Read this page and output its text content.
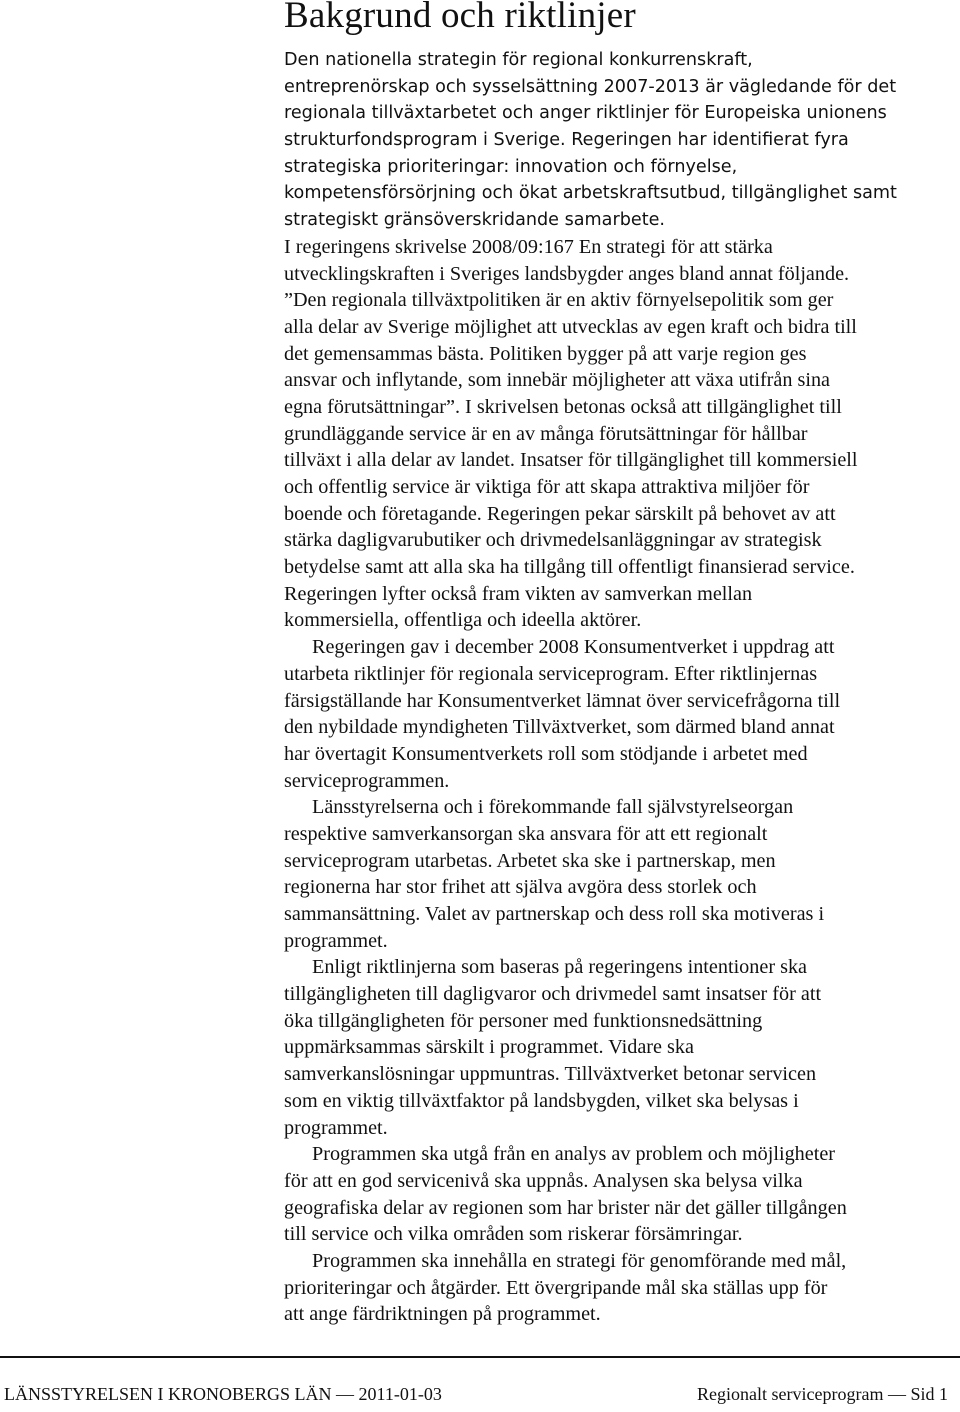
Bakgrund och riktlinjer
Den nationella strategin för regional konkurrenskraft,
entreprenörskap och sysselsättning 2007-2013 är vägledande för det
regionala tillväxtarbetet och anger riktlinjer för Europeiska unionens
strukturfondsprogram i Sverige. Regeringen har identifierat fyra
strategiska prioriteringar: innovation och förnyelse,
kompetensförsörjning och ökat arbetskraftsutbud, tillgänglighet samt
strategiskt gränsöverskridande samarbete.
I regeringens skrivelse 2008/09:167 En strategi för att stärka
utvecklingskraften i Sveriges landsbygder anges bland annat följande.
”Den regionala tillväxtpolitiken är en aktiv förnyelsepolitik som ger
alla delar av Sverige möjlighet att utvecklas av egen kraft och bidra till
det gemensammas bästa. Politiken bygger på att varje region ges
ansvar och inflytande, som innebär möjligheter att växa utifrån sina
egna förutsättningar”. I skrivelsen betonas också att tillgänglighet till
grundläggande service är en av många förutsättningar för hållbar
tillväxt i alla delar av landet. Insatser för tillgänglighet till kommersiell
och offentlig service är viktiga för att skapa attraktiva miljöer för
boende och företagande. Regeringen pekar särskilt på behovet av att
stärka dagligvarubutiker och drivmedelsanläggningar av strategisk
betydelse samt att alla ska ha tillgång till offentligt finansierad service.
Regeringen lyfter också fram vikten av samverkan mellan
kommersiella, offentliga och ideella aktörer.
Regeringen gav i december 2008 Konsumentverket i uppdrag att
utarbeta riktlinjer för regionala serviceprogram. Efter riktlinjernas
färsigställande har Konsumentverket lämnat över servicefrågorna till
den nybildade myndigheten Tillväxtverket, som därmed bland annat
har övertagit Konsumentverkets roll som stödjande i arbetet med
serviceprogrammen.
Länsstyrelserna och i förekommande fall självstyrelseorgan
respektive samverkansorgan ska ansvara för att ett regionalt
serviceprogram utarbetas. Arbetet ska ske i partnerskap, men
regionerna har stor frihet att själva avgöra dess storlek och
sammansättning. Valet av partnerskap och dess roll ska motiveras i
programmet.
Enligt riktlinjerna som baseras på regeringens intentioner ska
tillgängligheten till dagligvaror och drivmedel samt insatser för att
öka tillgängligheten för personer med funktionsnedsättning
uppmärksammas särskilt i programmet. Vidare ska
samverkanslösningar uppmuntras. Tillväxtverket betonar servicen
som en viktig tillväxtfaktor på landsbygden, vilket ska belysas i
programmet.
Programmen ska utgå från en analys av problem och möjligheter
för att en god servicenivå ska uppnås. Analysen ska belysa vilka
geografiska delar av regionen som har brister när det gäller tillgången
till service och vilka områden som riskerar försämringar.
Programmen ska innehålla en strategi för genomförande med mål,
prioriteringar och åtgärder. Ett övergripande mål ska ställas upp för
att ange färdriktningen på programmet.
LÄNSSTYRELSEN I KRONOBERGS LÄN — 2011-01-03	Regionalt serviceprogram — Sid 1
